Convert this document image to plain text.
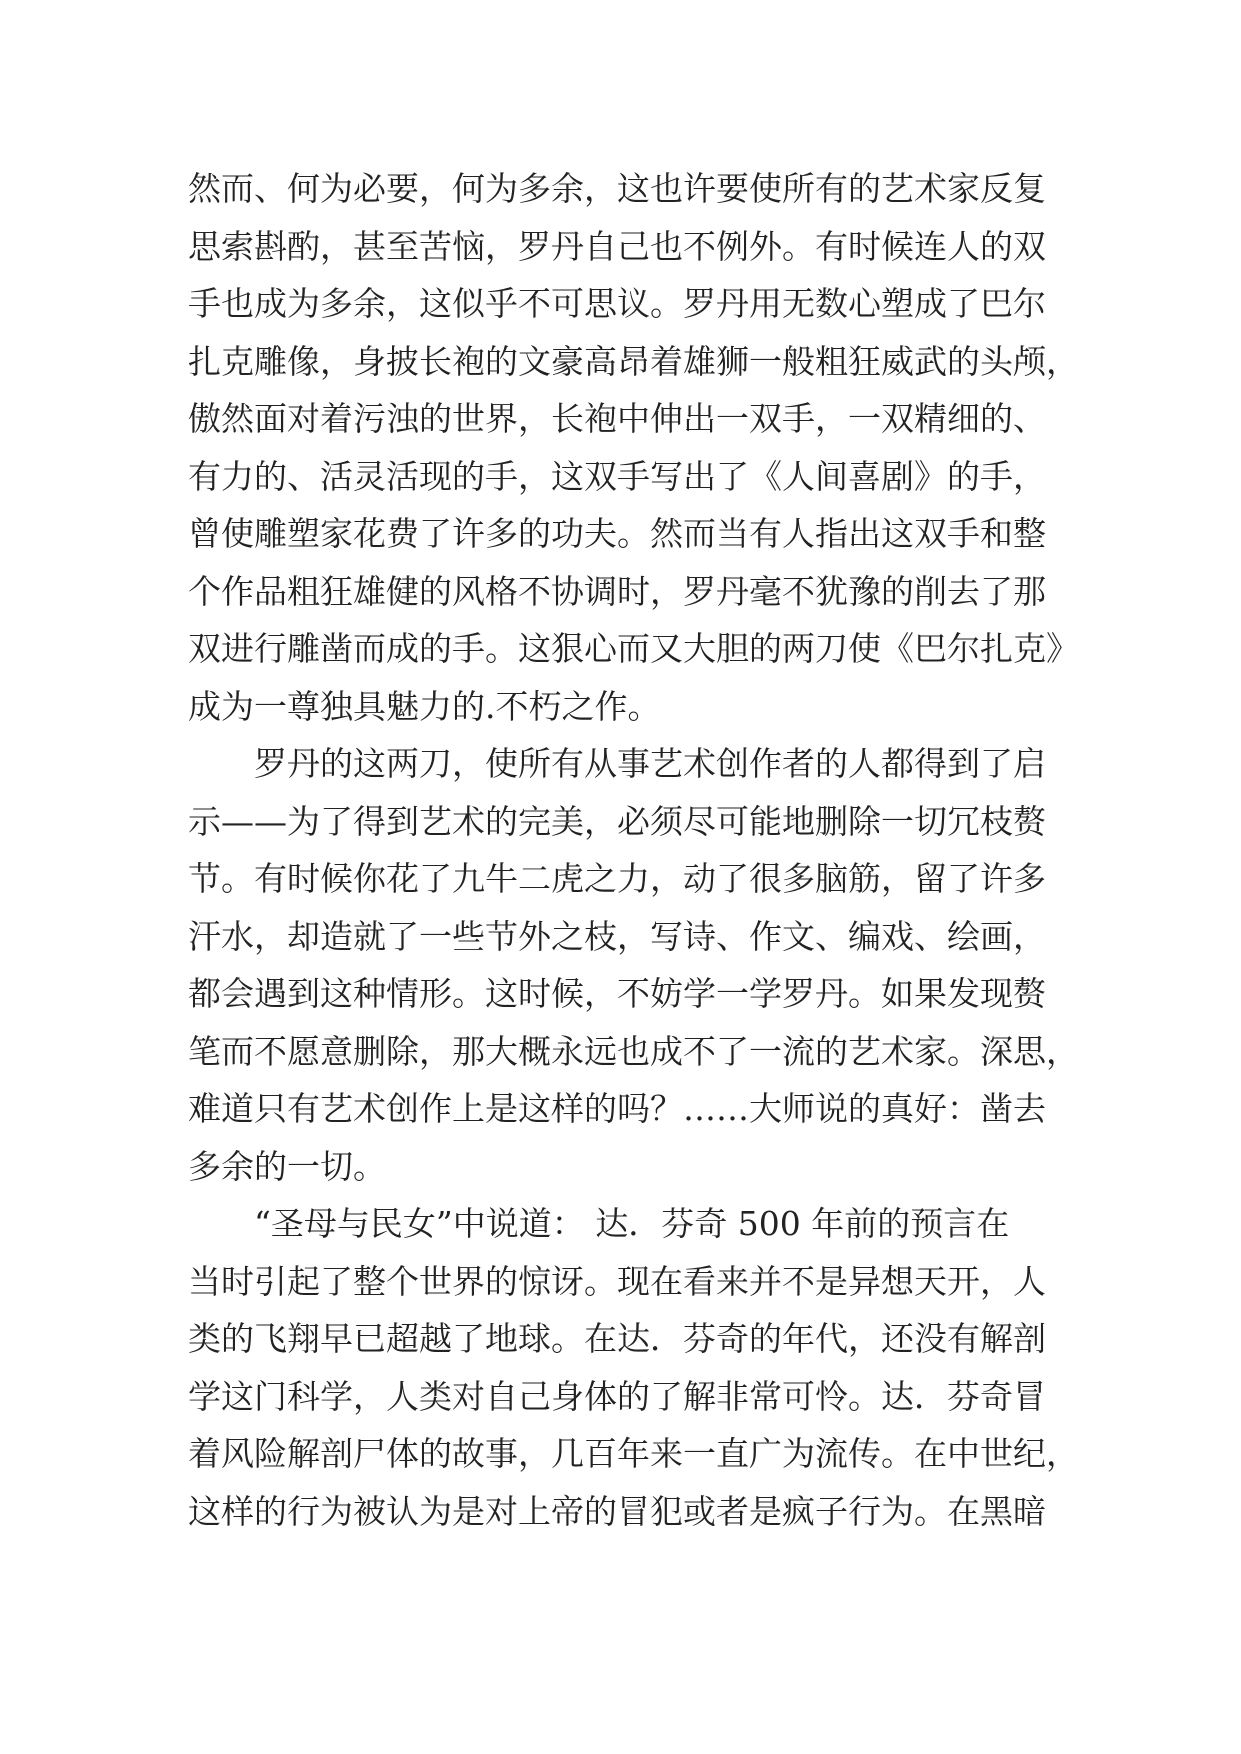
然而、何为必要，何为多余，这也许要使所有的艺术家反复
思索斟酌，甚至苦恼，罗丹自己也不例外。有时候连人的双
手也成为多余，这似乎不可思议。罗丹用无数心塑成了巴尔
扎克雕像，身披长袍的文豪高昂着雄狮一般粗狂威武的头颅，
傲然面对着污浊的世界，长袍中伸出一双手，一双精细的、
有力的、活灵活现的手，这双手写出了《人间喜剧》的手，
曾使雕塑家花费了许多的功夫。然而当有人指出这双手和整
个作品粗狂雄健的风格不协调时，罗丹毫不犹豫的削去了那
双进行雕凿而成的手。这狠心而又大胆的两刀使《巴尔扎克》
成为一尊独具魅力的.不朽之作。
罗丹的这两刀，使所有从事艺术创作者的人都得到了启
示——为了得到艺术的完美，必须尽可能地删除一切冗枝赘
节。有时候你花了九牛二虎之力，动了很多脑筋，留了许多
汗水，却造就了一些节外之枝，写诗、作文、编戏、绘画，
都会遇到这种情形。这时候，不妨学一学罗丹。如果发现赘
笔而不愿意删除，那大概永远也成不了一流的艺术家。深思，
难道只有艺术创作上是这样的吗？……大师说的真好：凿去
多余的一切。
“圣母与民女”中说道： 达．芬奇 500 年前的预言在
当时引起了整个世界的惊讶。现在看来并不是异想天开，人
类的飞翔早已超越了地球。在达．芬奇的年代，还没有解剖
学这门科学，人类对自己身体的了解非常可怜。达．芬奇冒
着风险解剖尸体的故事，几百年来一直广为流传。在中世纪，
这样的行为被认为是对上帝的冒犯或者是疯子行为。在黑暗
